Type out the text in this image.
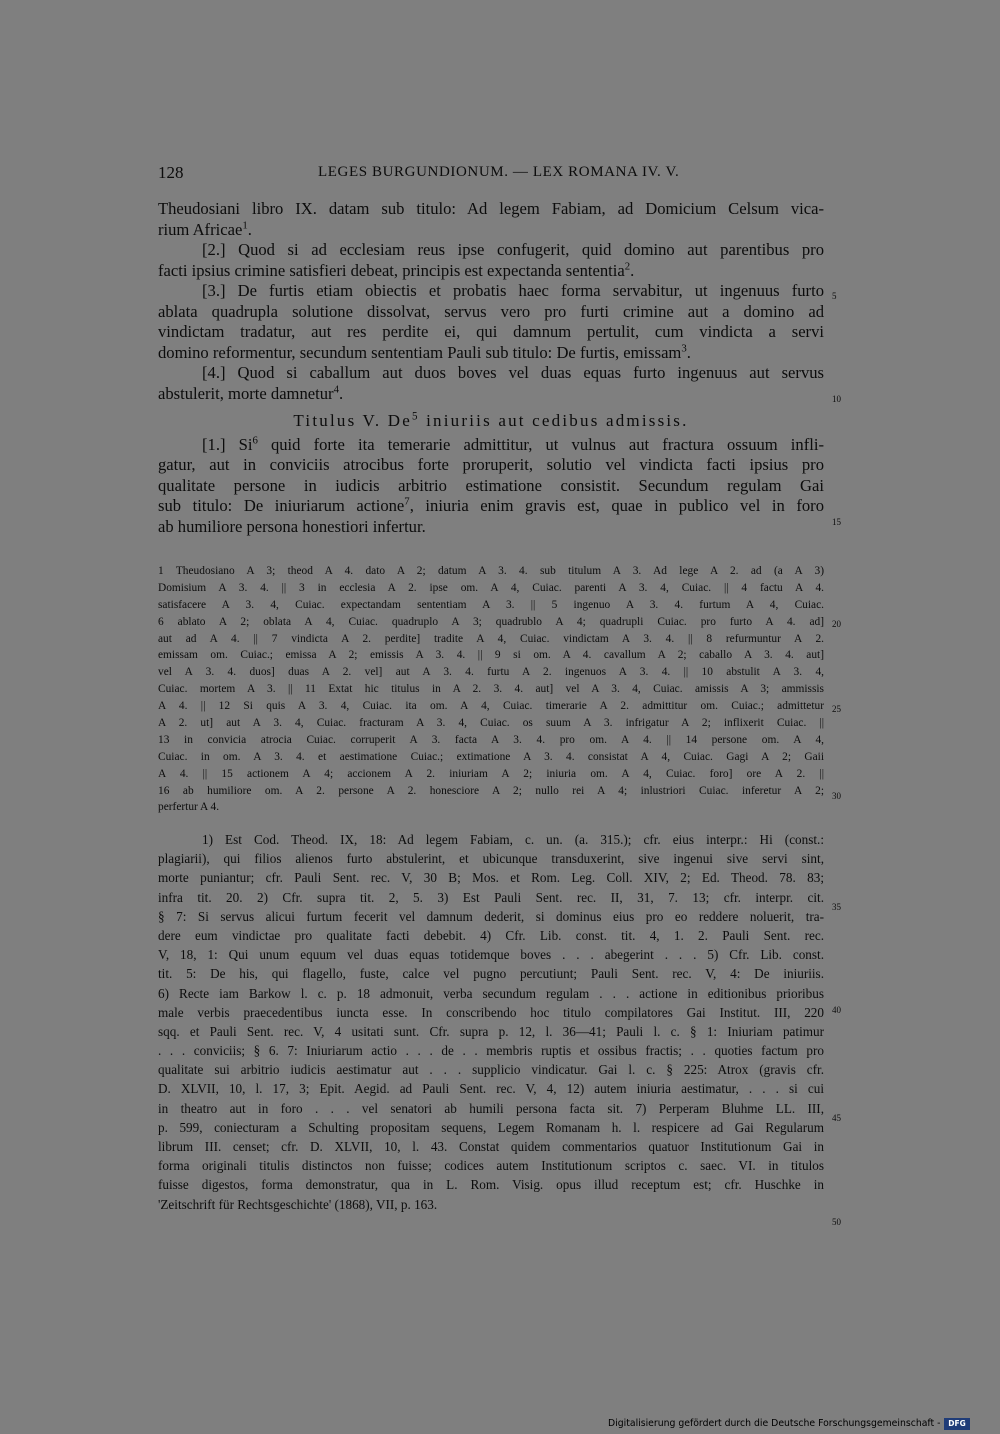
128	LEGES BURGUNDIONUM. — LEX ROMANA IV. V.
Theudosiani libro IX. datam sub titulo: Ad legem Fabiam, ad Domicium Celsum vica-
rium Africae$^1$.
[2.] Quod si ad ecclesiam reus ipse confugerit, quid domino aut parentibus pro
facti ipsius crimine satisfieri debeat, principis est expectanda sententia$^2$.
[3.] De furtis etiam obiectis et probatis haec forma servabitur, ut ingenuus furto
ablata quadrupla solutione dissolvat, servus vero pro furti crimine aut a domino ad
vindictam tradatur, aut res perdite ei, qui damnum pertulit, cum vindicta a servi
domino reformentur, secundum sententiam Pauli sub titulo: De furtis, emissam$^3$.
[4.] Quod si caballum aut duos boves vel duas equas furto ingenuus aut servus
abstulerit, morte damnetur$^4$.
Titulus V. De$^5$ iniuriis aut cedibus admissis.
[1.] Si$^6$ quid forte ita temerarie admittitur, ut vulnus aut fractura ossuum infli-
gatur, aut in conviciis atrocibus forte proruperit, solutio vel vindicta facti ipsius pro
qualitate persone in iudicis arbitrio estimatione consistit. Secundum regulam Gai
sub titulo: De iniuriarum actione$^7$, iniuria enim gravis est, quae in publico vel in foro
ab humiliore persona honestiori infertur.
5
10
15
20
25
30
35
40
45
50
1 Theudosiano A 3; theod A 4. dato A 2; datum A 3. 4. sub titulum A 3. Ad lege A 2. ad (a A 3)
Domisium A 3. 4. || 3 in ecclesia A 2. ipse om. A 4, Cuiac. parenti A 3. 4, Cuiac. || 4 factu A 4.
satisfacere A 3. 4, Cuiac. expectandam sententiam A 3. || 5 ingenuo A 3. 4. furtum A 4, Cuiac.
6 ablato A 2; oblata A 4, Cuiac. quadruplo A 3; quadrublo A 4; quadrupli Cuiac. pro furto A 4. ad]
aut ad A 4. || 7 vindicta A 2. perdite] tradite A 4, Cuiac. vindictam A 3. 4. || 8 refurmuntur A 2.
emissam om. Cuiac.; emissa A 2; emissis A 3. 4. || 9 si om. A 4. cavallum A 2; caballo A 3. 4. aut]
vel A 3. 4. duos] duas A 2. vel] aut A 3. 4. furtu A 2. ingenuos A 3. 4. || 10 abstulit A 3. 4,
Cuiac. mortem A 3. || 11 Extat hic titulus in A 2. 3. 4. aut] vel A 3. 4, Cuiac. amissis A 3; ammissis
A 4. || 12 Si quis A 3. 4, Cuiac. ita om. A 4, Cuiac. timerarie A 2. admittitur om. Cuiac.; admittetur
A 2. ut] aut A 3. 4, Cuiac. fracturam A 3. 4, Cuiac. os suum A 3. infrigatur A 2; inflixerit Cuiac. ||
13 in convicia atrocia Cuiac. corruperit A 3. facta A 3. 4. pro om. A 4. || 14 persone om. A 4,
Cuiac. in om. A 3. 4. et aestimatione Cuiac.; extimatione A 3. 4. consistat A 4, Cuiac. Gagi A 2; Gaii
A 4. || 15 actionem A 4; accionem A 2. iniuriam A 2; iniuria om. A 4, Cuiac. foro] ore A 2. ||
16 ab humiliore om. A 2. persone A 2. honesciore A 2; nullo rei A 4; inlustriori Cuiac. inferetur A 2;
perfertur A 4.
1) Est Cod. Theod. IX, 18: Ad legem Fabiam, c. un. (a. 315.); cfr. eius interpr.: Hi (const.:
plagiarii), qui filios alienos furto abstulerint, et ubicunque transduxerint, sive ingenui sive servi sint,
morte puniantur; cfr. Pauli Sent. rec. V, 30 B; Mos. et Rom. Leg. Coll. XIV, 2; Ed. Theod. 78. 83;
infra tit. 20. 2) Cfr. supra tit. 2, 5. 3) Est Pauli Sent. rec. II, 31, 7. 13; cfr. interpr. cit.
§ 7: Si servus alicui furtum fecerit vel damnum dederit, si dominus eius pro eo reddere noluerit, tra-
dere eum vindictae pro qualitate facti debebit. 4) Cfr. Lib. const. tit. 4, 1. 2. Pauli Sent. rec.
V, 18, 1: Qui unum equum vel duas equas totidemque boves . . . abegerint . . . 5) Cfr. Lib. const.
tit. 5: De his, qui flagello, fuste, calce vel pugno percutiunt; Pauli Sent. rec. V, 4: De iniuriis.
6) Recte iam Barkow l. c. p. 18 admonuit, verba secundum regulam . . . actione in editionibus prioribus
male verbis praecedentibus iuncta esse. In conscribendo hoc titulo compilatores Gai Institut. III, 220
sqq. et Pauli Sent. rec. V, 4 usitati sunt. Cfr. supra p. 12, l. 36—41; Pauli l. c. § 1: Iniuriam patimur
. . . conviciis; § 6. 7: Iniuriarum actio . . . de . . membris ruptis et ossibus fractis; . . quoties factum pro
qualitate sui arbitrio iudicis aestimatur aut . . . supplicio vindicatur. Gai l. c. § 225: Atrox (gravis cfr.
D. XLVII, 10, l. 17, 3; Epit. Aegid. ad Pauli Sent. rec. V, 4, 12) autem iniuria aestimatur, . . . si cui
in theatro aut in foro . . . vel senatori ab humili persona facta sit. 7) Perperam Bluhme LL. III,
p. 599, coniecturam a Schulting propositam sequens, Legem Romanam h. l. respicere ad Gai Regularum
librum III. censet; cfr. D. XLVII, 10, l. 43. Constat quidem commentarios quatuor Institutionum Gai in
forma originali titulis distinctos non fuisse; codices autem Institutionum scriptos c. saec. VI. in titulos
fuisse digestos, forma demonstratur, qua in L. Rom. Visig. opus illud receptum est; cfr. Huschke in
'Zeitschrift für Rechtsgeschichte' (1868), VII, p. 163.
Digitalisierung gefördert durch die Deutsche Forschungsgemeinschaft -	DFG
